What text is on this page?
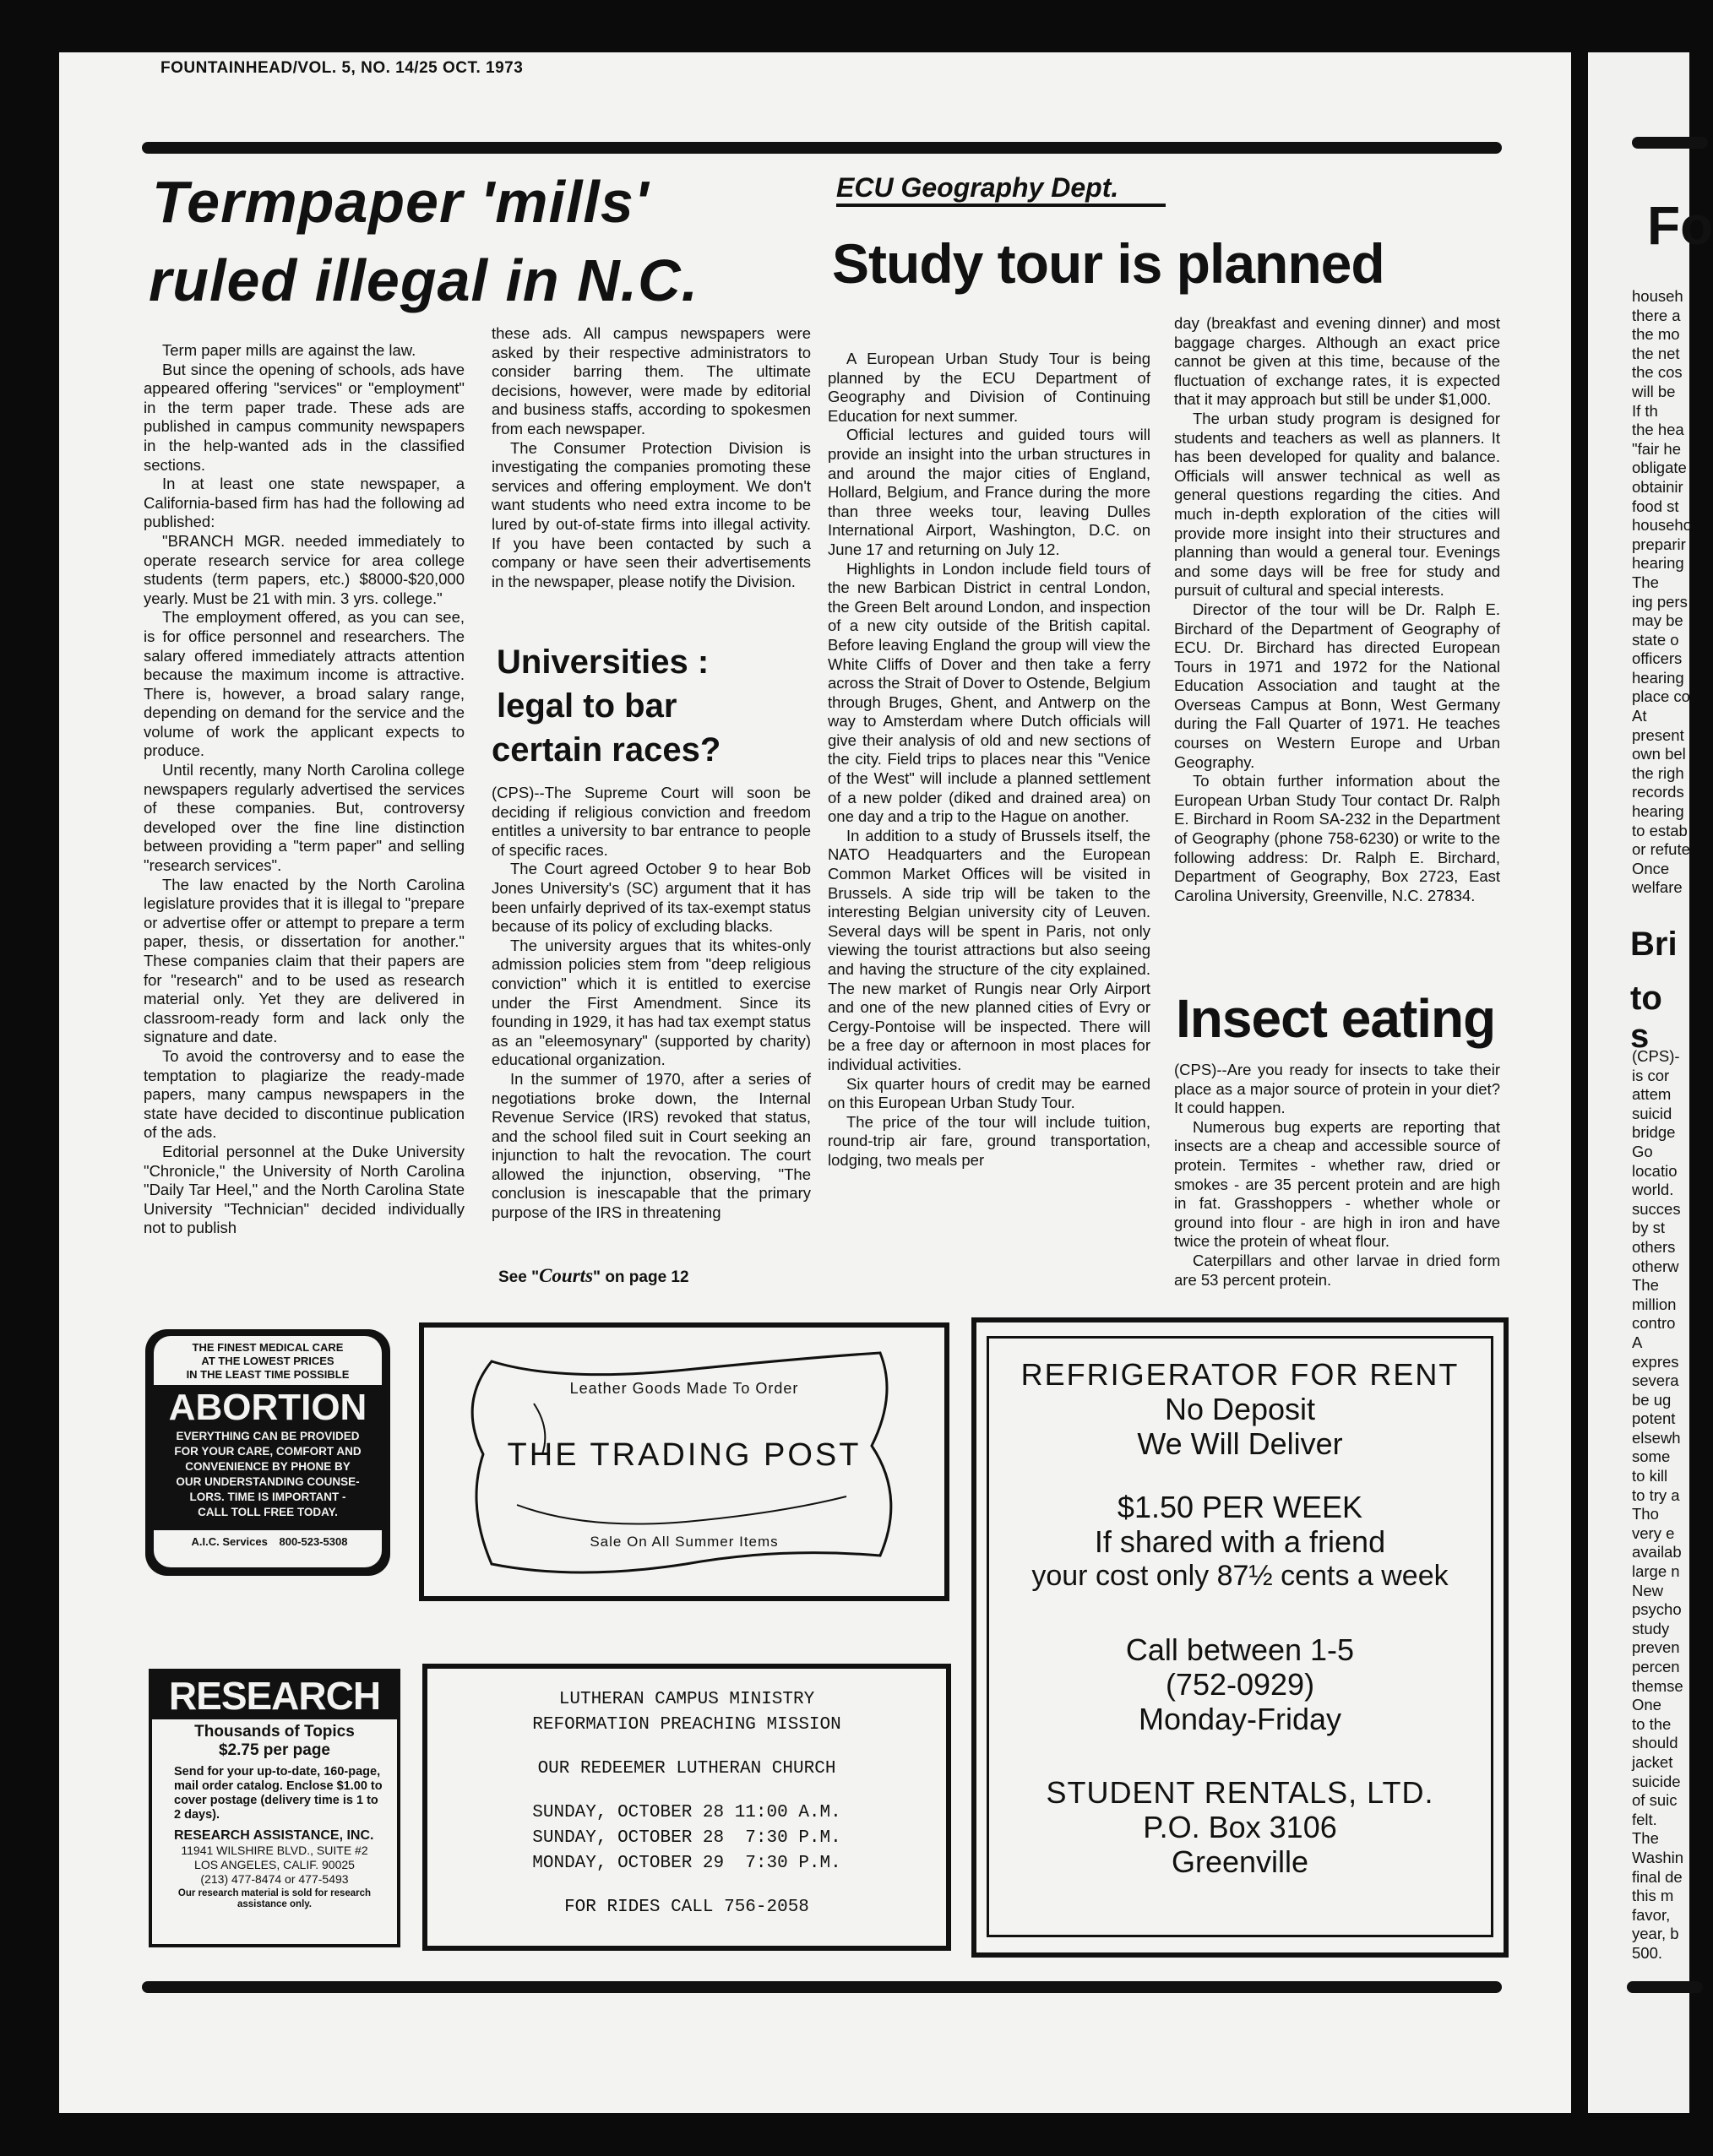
FOUNTAINHEAD/VOL. 5, NO. 14/25 OCT. 1973
Termpaper 'mills'
ruled illegal in N.C.

Term paper mills are against the law.

But since the opening of schools, ads have appeared offering "services" or "employment" in the term paper trade. These ads are published in campus community newspapers in the help-wanted ads in the classified sections.

In at least one state newspaper, a California-based firm has had the following ad published:

"BRANCH MGR. needed immediately to operate research service for area college students (term papers, etc.) $8000-$20,000 yearly. Must be 21 with min. 3 yrs. college."

The employment offered, as you can see, is for office personnel and researchers. The salary offered immediately attracts attention because the maximum income is attractive. There is, however, a broad salary range, depending on demand for the service and the volume of work the applicant expects to produce.

Until recently, many North Carolina college newspapers regularly advertised the services of these companies. But, controversy developed over the fine line distinction between providing a "term paper" and selling "research services".

The law enacted by the North Carolina legislature provides that it is illegal to "prepare or advertise offer or attempt to prepare a term paper, thesis, or dissertation for another." These companies claim that their papers are for "research" and to be used as research material only. Yet they are delivered in classroom-ready form and lack only the signature and date.

To avoid the controversy and to ease the temptation to plagiarize the ready-made papers, many campus newspapers in the state have decided to discontinue publication of the ads.

Editorial personnel at the Duke University "Chronicle," the University of North Carolina "Daily Tar Heel," and the North Carolina State University "Technician" decided individually not to publish

these ads. All campus newspapers were asked by their respective administrators to consider barring them. The ultimate decisions, however, were made by editorial and business staffs, according to spokesmen from each newspaper.

The Consumer Protection Division is investigating the companies promoting these services and offering employment. We don't want students who need extra income to be lured by out-of-state firms into illegal activity. If you have been contacted by such a company or have seen their advertisements in the newspaper, please notify the Division.

Universities :
legal to bar
certain races?

(CPS)--The Supreme Court will soon be deciding if religious conviction and freedom entitles a university to bar entrance to people of specific races.

The Court agreed October 9 to hear Bob Jones University's (SC) argument that it has been unfairly deprived of its tax-exempt status because of its policy of excluding blacks.

The university argues that its whites-only admission policies stem from "deep religious conviction" which it is entitled to exercise under the First Amendment. Since its founding in 1929, it has had tax exempt status as an "eleemosynary" (supported by charity) educational organization.

In the summer of 1970, after a series of negotiations broke down, the Internal Revenue Service (IRS) revoked that status, and the school filed suit in Court seeking an injunction to halt the revocation. The court allowed the injunction, observing, "The conclusion is inescapable that the primary purpose of the IRS in threatening

See "Courts" on page 12
ECU Geography Dept.
Study tour is planned

A European Urban Study Tour is being planned by the ECU Department of Geography and Division of Continuing Education for next summer.

Official lectures and guided tours will provide an insight into the urban structures in and around the major cities of England, Hollard, Belgium, and France during the more than three weeks tour, leaving Dulles International Airport, Washington, D.C. on June 17 and returning on July 12.

Highlights in London include field tours of the new Barbican District in central London, the Green Belt around London, and inspection of a new city outside of the British capital. Before leaving England the group will view the White Cliffs of Dover and then take a ferry across the Strait of Dover to Ostende, Belgium through Bruges, Ghent, and Antwerp on the way to Amsterdam where Dutch officials will give their analysis of old and new sections of the city. Field trips to places near this "Venice of the West" will include a planned settlement of a new polder (diked and drained area) on one day and a trip to the Hague on another.

In addition to a study of Brussels itself, the NATO Headquarters and the European Common Market Offices will be visited in Brussels. A side trip will be taken to the interesting Belgian university city of Leuven. Several days will be spent in Paris, not only viewing the tourist attractions but also seeing and having the structure of the city explained. The new market of Rungis near Orly Airport and one of the new planned cities of Evry or Cergy-Pontoise will be inspected. There will be a free day or afternoon in most places for individual activities.

Six quarter hours of credit may be earned on this European Urban Study Tour.

The price of the tour will include tuition, round-trip air fare, ground transportation, lodging, two meals per

day (breakfast and evening dinner) and most baggage charges. Although an exact price cannot be given at this time, because of the fluctuation of exchange rates, it is expected that it may approach but still be under $1,000.

The urban study program is designed for students and teachers as well as planners. It has been developed for quality and balance. Officials will answer technical as well as general questions regarding the cities. And much in-depth exploration of the cities will provide more insight into their structures and planning than would a general tour. Evenings and some days will be free for study and pursuit of cultural and special interests.

Director of the tour will be Dr. Ralph E. Birchard of the Department of Geography of ECU. Dr. Birchard has directed European Tours in 1971 and 1972 for the National Education Association and taught at the Overseas Campus at Bonn, West Germany during the Fall Quarter of 1971. He teaches courses on Western Europe and Urban Geography.

To obtain further information about the European Urban Study Tour contact Dr. Ralph E. Birchard in Room SA-232 in the Department of Geography (phone 758-6230) or write to the following address: Dr. Ralph E. Birchard, Department of Geography, Box 2723, East Carolina University, Greenville, N.C. 27834.

Insect eating

(CPS)--Are you ready for insects to take their place as a major source of protein in your diet? It could happen.

Numerous bug experts are reporting that insects are a cheap and accessible source of protein. Termites - whether raw, dried or smokes - are 35 percent protein and are high in fat. Grasshoppers - whether whole or ground into flour - are high in iron and have twice the protein of wheat flour.

Caterpillars and other larvae in dried form are 53 percent protein.

THE FINEST MEDICAL CARE
AT THE LOWEST PRICES
IN THE LEAST TIME POSSIBLE
ABORTION
EVERYTHING CAN BE PROVIDED
FOR YOUR CARE, COMFORT AND
CONVENIENCE BY PHONE BY
OUR UNDERSTANDING COUNSE-
LORS. TIME IS IMPORTANT -
CALL TOLL FREE TODAY.
A.I.C. Services 800-523-5308
Leather Goods Made To Order
THE TRADING POST
Sale On All Summer Items
REFRIGERATOR FOR RENT
No Deposit
We Will Deliver
$1.50 PER WEEK
If shared with a friend
your cost only 87½ cents a week
Call between 1-5
(752-0929)
Monday-Friday
STUDENT RENTALS, LTD.
P.O. Box 3106
Greenville
RESEARCH
Thousands of Topics
$2.75 per page
Send for your up-to-date, 160-page, mail order catalog. Enclose $1.00 to cover postage (delivery time is 1 to 2 days).
RESEARCH ASSISTANCE, INC.
11941 WILSHIRE BLVD., SUITE #2
LOS ANGELES, CALIF. 90025
(213) 477-8474 or 477-5493
Our research material is sold for research assistance only.
LUTHERAN CAMPUS MINISTRY
REFORMATION PREACHING MISSION
OUR REDEEMER LUTHERAN CHURCH
SUNDAY, OCTOBER 28 11:00 A.M.
SUNDAY, OCTOBER 28  7:30 P.M.
MONDAY, OCTOBER 29  7:30 P.M.
FOR RIDES CALL 756-2058
Fo
househ
there a
the mo
the net
the cos
will be
If th
the hea
"fair he
obligate
obtainir
food st
househo
preparir
hearing
The
ing pers
may be
state o
officers
hearing
place co
At
present
own bel
the righ
records
hearing
to estab
or refute
Once
welfare
Bri
to s
(CPS)-
is cor
attem
suicid
bridge
Go
locatio
world.
succes
by st
others
otherw
The
million
contro
A
expres
severa
be ug
potent
elsewh
some
to kill
to try a
Tho
very e
availab
large n
New
psycho
study
preven
percen
themse
One
to the
should
jacket
suicide
of suic
felt.
The
Washin
final de
this m
favor,
year, b
500.
